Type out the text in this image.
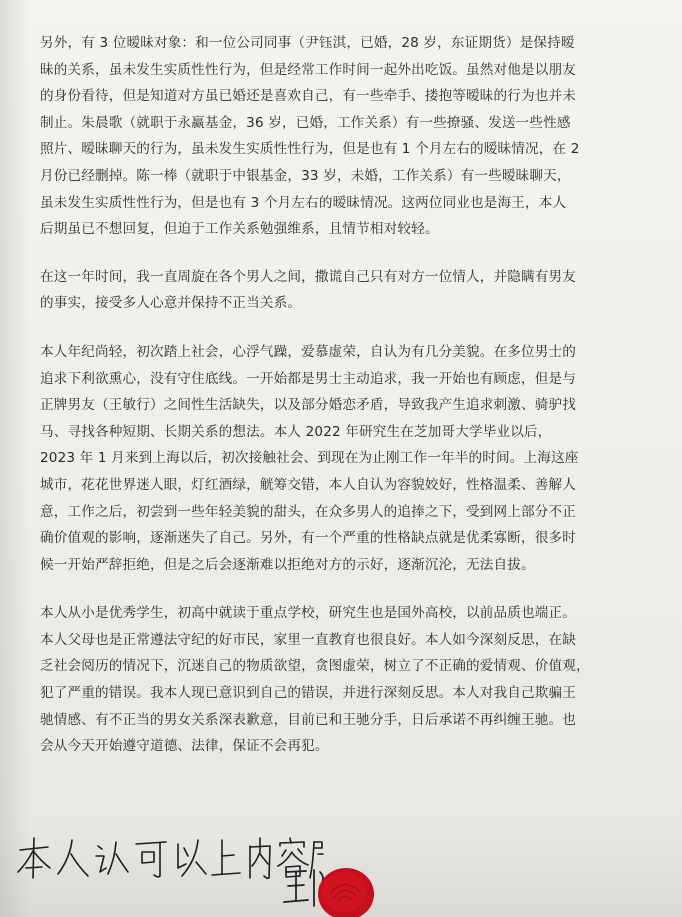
另外，有 3 位暧昧对象：和一位公司同事（尹钰淇，已婚，28 岁，东证期货）是保持暧
昧的关系，虽未发生实质性性行为，但是经常工作时间一起外出吃饭。虽然对他是以朋友
的身份看待，但是知道对方虽已婚还是喜欢自己，有一些牵手、搂抱等暧昧的行为也并未
制止。朱晨歌（就职于永赢基金，36 岁，已婚，工作关系）有一些撩骚、发送一些性感
照片、暧昧聊天的行为，虽未发生实质性性行为，但是也有 1 个月左右的暧昧情况，在 2
月份已经删掉。陈一棒（就职于中银基金，33 岁，未婚，工作关系）有一些暧昧聊天，
虽未发生实质性性行为，但是也有 3 个月左右的暧昧情况。这两位同业也是海王，本人
后期虽已不想回复，但迫于工作关系勉强维系，且情节相对较轻。

在这一年时间，我一直周旋在各个男人之间，撒谎自己只有对方一位情人，并隐瞒有男友
的事实，接受多人心意并保持不正当关系。

本人年纪尚轻，初次踏上社会，心浮气躁，爱慕虚荣，自认为有几分美貌。在多位男士的
追求下利欲熏心，没有守住底线。一开始都是男士主动追求，我一开始也有顾虑，但是与
正牌男友（王敏行）之间性生活缺失，以及部分婚恋矛盾，导致我产生追求刺激、骑驴找
马、寻找各种短期、长期关系的想法。本人 2022 年研究生在芝加哥大学毕业以后，
2023 年 1 月来到上海以后，初次接触社会、到现在为止刚工作一年半的时间。上海这座
城市，花花世界迷人眼，灯红酒绿，觥筹交错，本人自认为容貌姣好，性格温柔、善解人
意，工作之后，初尝到一些年轻美貌的甜头，在众多男人的追捧之下，受到网上部分不正
确价值观的影响，逐渐迷失了自己。另外，有一个严重的性格缺点就是优柔寡断，很多时
候一开始严辞拒绝，但是之后会逐渐难以拒绝对方的示好，逐渐沉沦，无法自拔。

本人从小是优秀学生，初高中就读于重点学校，研究生也是国外高校，以前品质也端正。
本人父母也是正常遵法守纪的好市民，家里一直教育也很良好。本人如今深刻反思，在缺
乏社会阅历的情况下，沉迷自己的物质欲望，贪图虚荣，树立了不正确的爱情观、价值观，
犯了严重的错误。我本人现已意识到自己的错误，并进行深刻反思。本人对我自己欺骗王
驰情感、有不正当的男女关系深表歉意，目前已和王驰分手，日后承诺不再纠缠王驰。也
会从今天开始遵守道德、法律，保证不会再犯。
